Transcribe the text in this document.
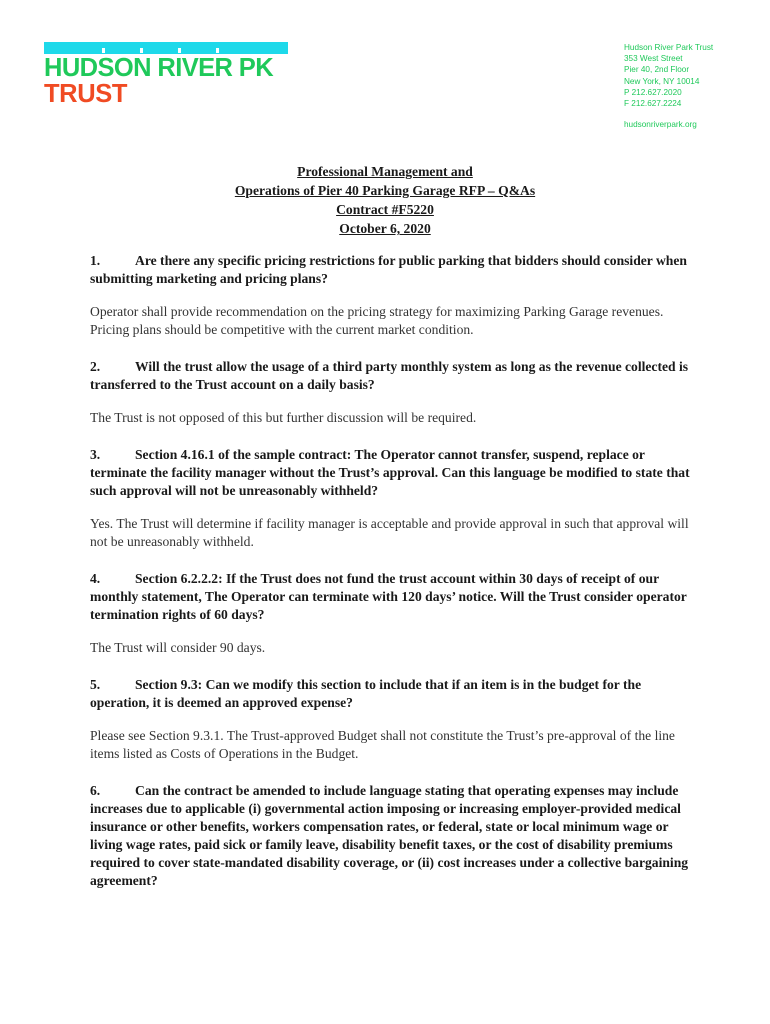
HUDSON RIVER PK
TRUST
Hudson River Park Trust
353 West Street
Pier 40, 2nd Floor
New York, NY 10014
P 212.627.2020
F 212.627.2224
hudsonriverpark.org
Professional Management and
Operations of Pier 40 Parking Garage RFP – Q&As
Contract #F5220
October 6, 2020

1.	Are there any specific pricing restrictions for public parking that bidders should consider when submitting marketing and pricing plans?

Operator shall provide recommendation on the pricing strategy for maximizing Parking Garage revenues. Pricing plans should be competitive with the current market condition.

2.	Will the trust allow the usage of a third party monthly system as long as the revenue collected is transferred to the Trust account on a daily basis?

The Trust is not opposed of this but further discussion will be required.

3.	Section 4.16.1 of the sample contract: The Operator cannot transfer, suspend, replace or terminate the facility manager without the Trust’s approval. Can this language be modified to state that such approval will not be unreasonably withheld?

Yes. The Trust will determine if facility manager is acceptable and provide approval in such that approval will not be unreasonably withheld.

4.	Section 6.2.2.2: If the Trust does not fund the trust account within 30 days of receipt of our monthly statement, The Operator can terminate with 120 days’ notice. Will the Trust consider operator termination rights of 60 days?

The Trust will consider 90 days.

5.	Section 9.3: Can we modify this section to include that if an item is in the budget for the operation, it is deemed an approved expense?

Please see Section 9.3.1. The Trust-approved Budget shall not constitute the Trust’s pre-approval of the line items listed as Costs of Operations in the Budget.

6.	Can the contract be amended to include language stating that operating expenses may include increases due to applicable (i) governmental action imposing or increasing employer-provided medical insurance or other benefits, workers compensation rates, or federal, state or local minimum wage or living wage rates, paid sick or family leave, disability benefit taxes, or the cost of disability premiums required to cover state-mandated disability coverage, or (ii) cost increases under a collective bargaining agreement?
